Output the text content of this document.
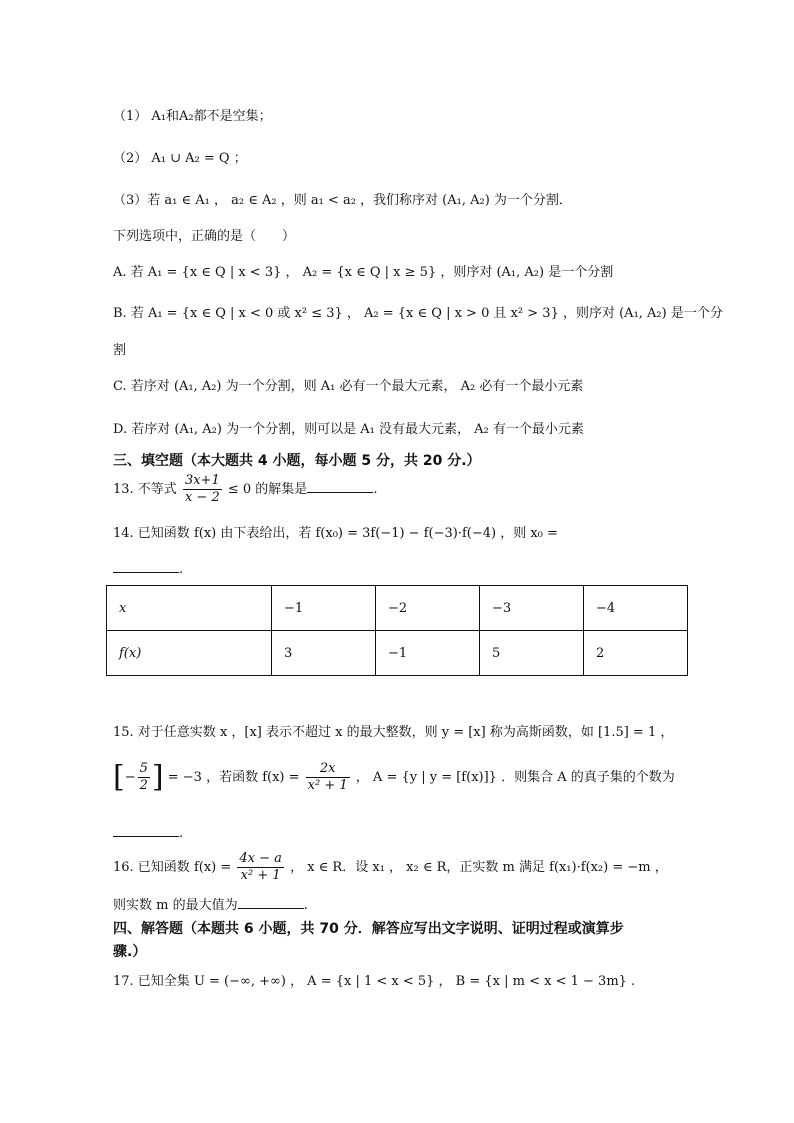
（1） A₁和A₂都不是空集；
（2） A₁ ∪ A₂ = Q ；
（3）若 a₁ ∈ A₁ ， a₂ ∈ A₂ ，则 a₁ < a₂ ，我们称序对 (A₁, A₂) 为一个分割．
下列选项中，正确的是（　　）
A. 若 A₁ = {x ∈ Q | x < 3} ， A₂ = {x ∈ Q | x ≥ 5} ，则序对 (A₁, A₂) 是一个分割
B. 若 A₁ = {x ∈ Q | x < 0 或 x² ≤ 3} ， A₂ = {x ∈ Q | x > 0 且 x² > 3} ，则序对 (A₁, A₂) 是一个分
割
C. 若序对 (A₁, A₂) 为一个分割，则 A₁ 必有一个最大元素， A₂ 必有一个最小元素
D. 若序对 (A₁, A₂) 为一个分割，则可以是 A₁ 没有最大元素， A₂ 有一个最小元素
三、填空题（本大题共 4 小题，每小题 5 分，共 20 分.）
13. 不等式 $\frac{3x+1}{x - 2} \le 0$ 的解集是	.
14. 已知函数 f(x) 由下表给出，若 f(x₀) = 3f(−1) − f(−3)·f(−4) ，则 x₀ =
.
x	−1	−2	−3	−4
f(x)	3	−1	5	2
15. 对于任意实数 x ，[x] 表示不超过 x 的最大整数，则 y = [x] 称为高斯函数，如 [1.5] = 1 ，
[− $\frac{5}{2}$ ] = −3 ，若函数 $f(x) = \frac{2x}{\text{x² + 1}}$ ， A = {y | y = [f(x)]} ．则集合 A 的真子集的个数为
.
16. 已知函数 $f(x) = \frac{4x - a}{\text{x² + 1}}$ ， x ∈ R．设 x₁ ， x₂ ∈ R，正实数 m 满足 f(x₁)·f(x₂) = −m ，
则实数 m 的最大值为	.
四、解答题（本题共 6 小题，共 70 分．解答应写出文字说明、证明过程或演算步
骤.）
17. 已知全集 U = (−∞, +∞) ， A = {x | 1 < x < 5} ， B = {x | m < x < 1 − 3m} .
